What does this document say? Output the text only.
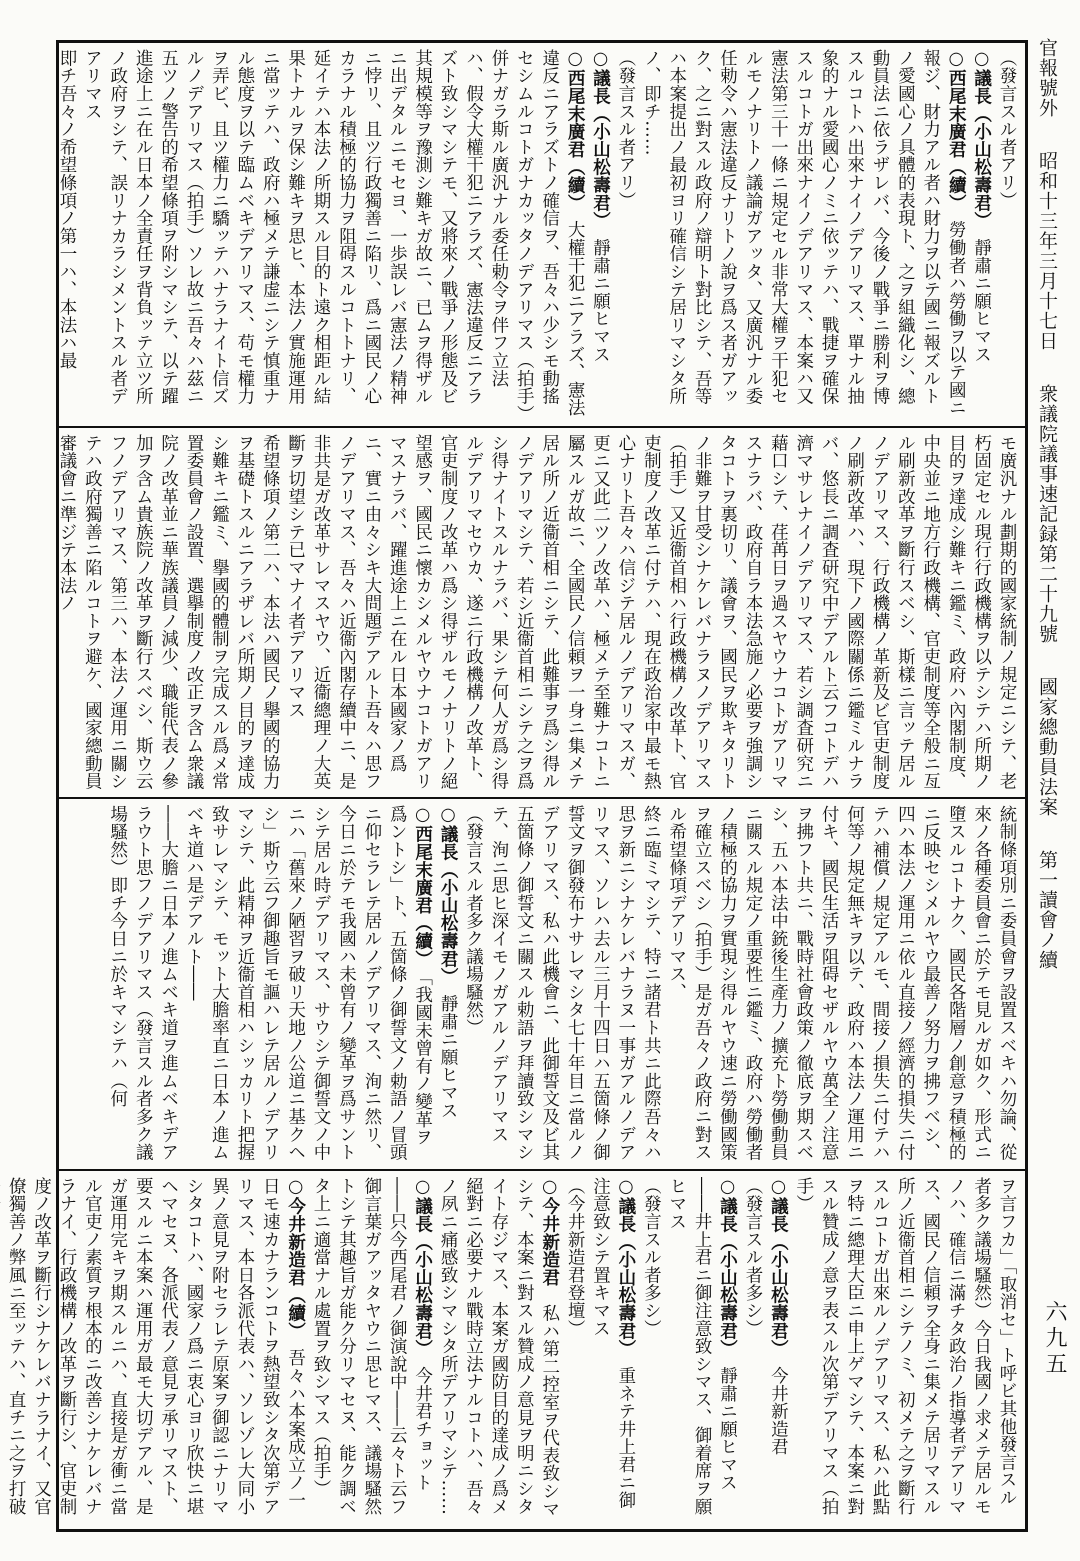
官報號外 昭和十三年三月十七日 衆議院議事速記録第二十九號 國家總動員法案 第一讀會ノ續
六九五

（發言スル者アリ）

○議長（小山松壽君）　靜肅ニ願ヒマス

○西尾末廣君（續）　勞働者ハ勞働ヲ以テ國ニ報ジ、財力アル者ハ財力ヲ以テ國ニ報ズルトノ愛國心ノ具體的表現ト、之ヲ組織化シ、總動員法ニ依ラザレバ、今後ノ戰爭ニ勝利ヲ博スルコトハ出來ナイノデアリマス、單ナル抽象的ナル愛國心ノミニ依ッテハ、戰捷ヲ確保スルコトガ出來ナイノデアリマス、本案ハ又憲法第三十一條ニ規定セル非常大權ヲ干犯セルモノナリトノ議論ガアッタ、又廣汎ナル委任勅令ハ憲法違反ナリトノ說ヲ爲ス者ガアック、之ニ對スル政府ノ辯明ト對比シテ、吾等ハ本案提出ノ最初ヨリ確信シテ居リマシタ所ノ、即チ……

（發言スル者アリ）

○議長（小山松壽君）　靜肅ニ願ヒマス

○西尾末廣君（續）　大權干犯ニアラズ、憲法違反ニアラズトノ確信ヲ、吾々ハ少シモ動搖セシムルコトガナカッタノデアリマス（拍手）併ナガラ斯ル廣汎ナル委任勅令ヲ伴フ立法ハ、假令大權干犯ニアラズ、憲法違反ニアラズト致シマシテモ、又將來ノ戰爭ノ形態及ビ其規模等ヲ豫測シ難キガ故ニ、已ムヲ得ザルニ出デタルニモセヨ、一歩誤レバ憲法ノ精神ニ悖リ、且ツ行政獨善ニ陷リ、爲ニ國民ノ心カラナル積極的協力ヲ阻碍スルコトトナリ、延イテハ本法ノ所期スル目的ト遠ク相距ル結果トナルヲ保シ難キヲ思ヒ、本法ノ實施運用ニ當ッテハ、政府ハ極メテ謙虚ニシテ慎重ナル態度ヲ以テ臨ムベキデアリマス、苟モ權力ヲ弄ビ、且ツ權力ニ驕ッテハナラナイト信ズルノデアリマス（拍手）ソレ故ニ吾々ハ茲ニ五ツノ警告的希望條項ヲ附シマシテ、以テ躍進途上ニ在ル日本ノ全責任ヲ背負ッテ立ツ所ノ政府ヲシテ、誤リナカラシメントスル者デアリマス

即チ吾々ノ希望條項ノ第一ハ、本法ハ最

モ廣汎ナル劃期的國家統制ノ規定ニシテ、老朽固定セル現行行政機構ヲ以テシテハ所期ノ目的ヲ達成シ難キニ鑑ミ、政府ハ內閣制度、中央並ニ地方行政機構、官吏制度等全般ニ亙ル刷新改革ヲ斷行スベシ、斯樣ニ言ッテ居ルノデアリマス、行政機構ノ革新及ビ官吏制度ノ刷新改革ハ、現下ノ國際關係ニ鑑ミルナラバ、悠長ニ調査研究中デアルト云フコトデハ濟マサレナイノデアリマス、若シ調査研究ニ藉口シテ、荏苒日ヲ過スヤウナコトガアリマスナラバ、政府自ラ本法急施ノ必要ヲ強調シタコトヲ裏切リ、議會ヲ、國民ヲ欺キタリトノ非難ヲ甘受シナケレバナラヌノデアリマス（拍手）又近衞首相ハ行政機構ノ改革ト、官吏制度ノ改革ニ付テハ、現在政治家中最モ熱心ナリト吾々ハ信ジテ居ルノデアリマスガ、更ニ又此二ツノ改革ハ、極メテ至難ナコトニ屬スルガ故ニ、全國民ノ信頼ヲ一身ニ集メテ居ル所ノ近衞首相ニシテ、此難事ヲ爲シ得ルノデアリマシテ、若シ近衞首相ニシテ之ヲ爲シ得ナイトスルナラバ、果シテ何人ガ爲シ得ルデアリマセウカ、遂ニ行政機構ノ改革ト、官吏制度ノ改革ハ爲シ得ザルモノナリトノ絕望感ヲ、國民ニ懷カシメルヤウナコトガアリマスナラバ、躍進途上ニ在ル日本國家ノ爲ニ、實ニ由々シキ大問題デアルト吾々ハ思フノデアリマス、吾々ハ近衞內閣存續中ニ、是非共是ガ改革サレマスヤウ、近衞總理ノ大英斷ヲ切望シテ已マナイ者デアリマス

希望條項ノ第二ハ、本法ハ國民ノ擧國的協力ヲ基礎トスルニアラザレバ所期ノ目的ヲ達成シ難キニ鑑ミ、擧國的體制ヲ完成スル爲メ常置委員會ノ設置、選擧制度ノ改正ヲ含ム衆議院ノ改革並ニ華族議員ノ減少、職能代表ノ參加ヲ含ム貴族院ノ改革ヲ斷行スベシ、斯ウ云フノデアリマス、第三ハ、本法ノ運用ニ關シテハ政府獨善ニ陷ルコトヲ避ケ、國家總動員審議會ニ準ジテ本法ノ

統制條項別ニ委員會ヲ設置スベキハ勿論、從來ノ各種委員會ニ於テモ見ルガ如ク、形式ニ墮スルコトナク、國民各階層ノ創意ヲ積極的ニ反映セシメルヤウ最善ノ努力ヲ拂フベシ、四ハ本法ノ運用ニ依ル直接ノ經濟的損失ニ付テハ補償ノ規定アルモ、間接ノ損失ニ付テハ何等ノ規定無キヲ以テ、政府ハ本法ノ運用ニ付キ、國民生活ヲ阻碍セザルヤウ萬全ノ注意ヲ拂フト共ニ、戰時社會政策ノ徹底ヲ期スベシ、五ハ本法中銃後生產力ノ擴充ト勞働動員ニ關スル規定ノ重要性ニ鑑ミ、政府ハ勞働者ノ積極的協力ヲ實現シ得ルヤウ速ニ勞働國策ヲ確立スベシ（拍手）是ガ吾々ノ政府ニ對スル希望條項デアリマス、

終ニ臨ミマシテ、特ニ諸君ト共ニ此際吾々ハ思ヲ新ニシナケレバナラヌ一事ガアルノデアリマス、ソレハ去ル三月十四日ハ五箇條ノ御誓文ヲ御發布ナサレマシタ七十年目ニ當ルノデアリマス、私ハ此機會ニ、此御誓文及ビ其五箇條ノ御誓文ニ關スル勅語ヲ拜讀致シマシテ、洵ニ思ヒ深イモノガアルノデアリマス

（發言スル者多ク議場騷然）

○議長（小山松壽君）　靜肅ニ願ヒマス

○西尾末廣君（續）　「我國未曾有ノ變革ヲ爲ントシ」ト、五箇條ノ御誓文ノ勅語ノ冒頭ニ仰セラレテ居ルノデアリマス、洵ニ然リ、今日ニ於テモ我國ハ未曾有ノ變革ヲ爲サントシテ居ル時デアリマス、サウシテ御誓文ノ中ニハ「舊來ノ陋習ヲ破リ天地ノ公道ニ基クヘシ」斯ウ云フ御趣旨モ謳ハレテ居ルノデアリマシテ、此精神ヲ近衞首相ハシッカリト把握致サレマシテ、モット大膽率直ニ日本ノ進ムベキ道ハ是デアルト――

――大膽ニ日本ノ進ムベキ道ヲ進ムベキデアラウト思フノデアリマス（發言スル者多ク議場騷然）即チ今日ニ於キマシテハ（何

ヲ言フカ」「取消セ」ト呼ビ其他發言スル者多ク議場騷然）今日我國ノ求メテ居ルモノハ、確信ニ滿チタ政治ノ指導者デアリマス、國民ノ信頼ヲ全身ニ集メテ居リマスル所ノ近衞首相ニシテノミ、初メテ之ヲ斷行スルコトガ出來ルノデアリマス、私ハ此點ヲ特ニ總理大臣ニ申上ゲマシテ、本案ニ對スル贊成ノ意ヲ表スル次第デアリマス（拍手）

○議長（小山松壽君）　今井新造君

（發言スル者多シ）

○議長（小山松壽君）　靜肅ニ願ヒマス――井上君ニ御注意致シマス、御着席ヲ願ヒマス

（發言スル者多シ）

○議長（小山松壽君）　重ネテ井上君ニ御注意致シテ置キマス

（今井新造君登壇）

○今井新造君　私ハ第二控室ヲ代表致シマシテ、本案ニ對スル贊成ノ意見ヲ明ニシタイト存ジマス、本案ガ國防目的達成ノ爲メ絕對ニ必要ナル戰時立法ナルコトハ、吾々ノ夙ニ痛感致シマシタ所デアリマシテ……

○議長（小山松壽君）　今井君チョット――只今西尾君ノ御演說中――云々ト云フ御言葉ガアッタヤウニ思ヒマス、議場騷然トシテ其趣旨ガ能ク分リマセヌ、能ク調ベタ上ニ適當ナル處置ヲ致シマス（拍手）

○今井新造君（續）　吾々ハ本案成立ノ一日モ速カナランコトヲ熱望致シタ次第デアリマス、本日各派代表ハ、ソレゾレ大同小異ノ意見ヲ附セラレテ原案ヲ御認ニナリマシタコトハ、國家ノ爲ニ衷心ヨリ欣快ニ堪ヘマセヌ、各派代表ノ意見ヲ承リマスト、要スルニ本案ハ運用ガ最モ大切デアル、是ガ運用完キヲ期スルニハ、直接是ガ衝ニ當ル官吏ノ素質ヲ根本的ニ改善シナケレバナラナイ、行政機構ノ改革ヲ斷行シ、官吏制度ノ改革ヲ斷行シナケレバナラナイ、又官僚獨善ノ弊風ニ至ッテハ、直チニ之ヲ打破
